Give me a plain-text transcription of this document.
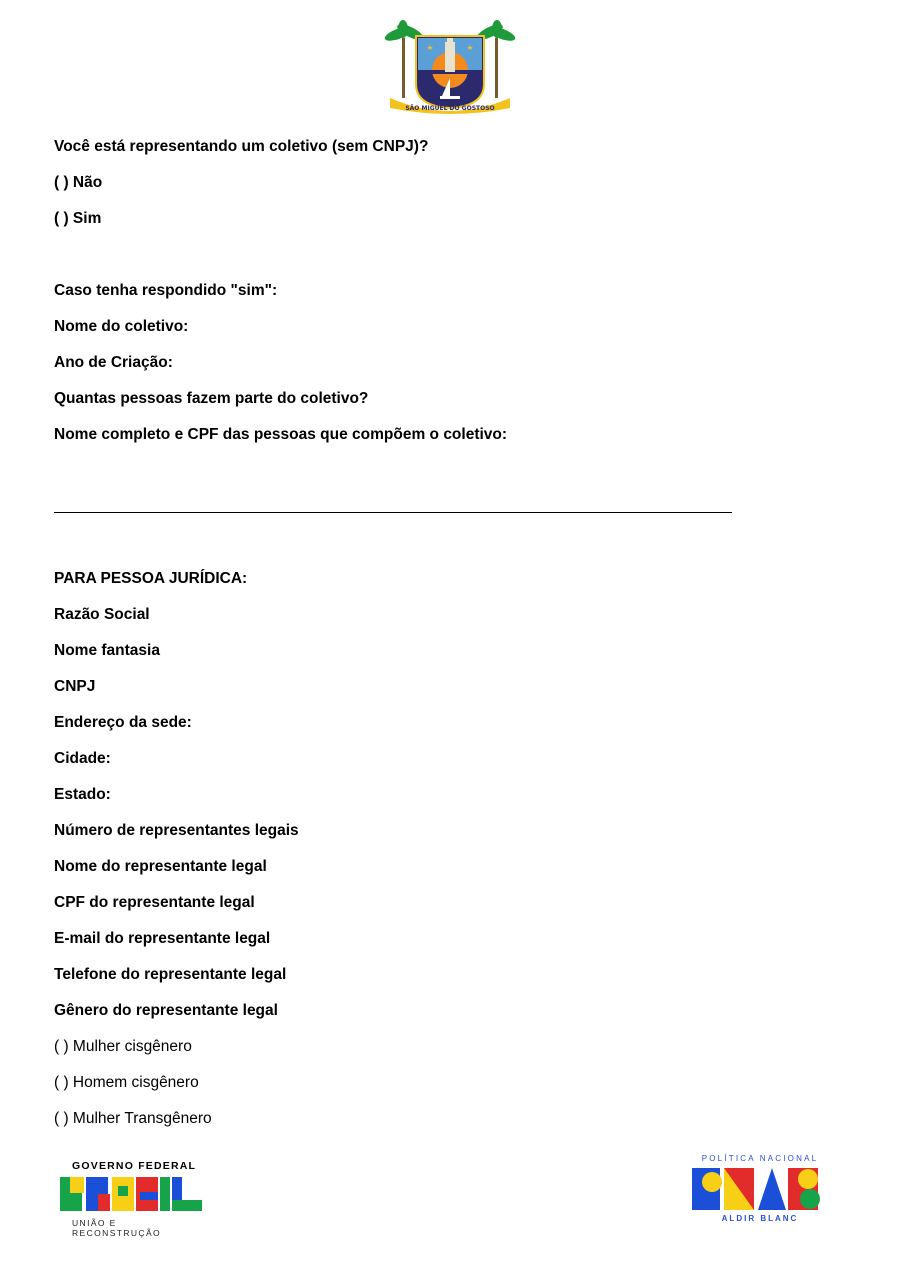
SÃO MIGUEL DO GOSTOSO
Você está representando um coletivo (sem CNPJ)?
( ) Não
( ) Sim
Caso tenha respondido "sim":
Nome do coletivo:
Ano de Criação:
Quantas pessoas fazem parte do coletivo?
Nome completo e CPF das pessoas que compõem o coletivo:
PARA PESSOA JURÍDICA:
Razão Social
Nome fantasia
CNPJ
Endereço da sede:
Cidade:
Estado:
Número de representantes legais
Nome do representante legal
CPF do representante legal
E-mail do representante legal
Telefone do representante legal
Gênero do representante legal
( ) Mulher cisgênero
( ) Homem cisgênero
( ) Mulher Transgênero
GOVERNO FEDERAL
BRASIL
UNIÃO E RECONSTRUÇÃO
POLÍTICA NACIONAL
PNAB
ALDIR BLANC
